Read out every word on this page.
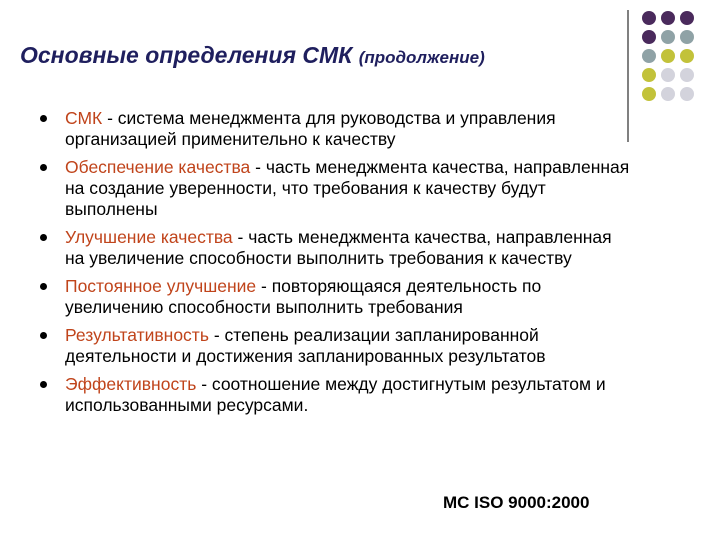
Основные определения СМК (продолжение)
СМК - система менеджмента для руководства и управления организацией применительно к качеству
Обеспечение качества - часть менеджмента качества, направленная на создание уверенности, что требования к качеству будут выполнены
Улучшение качества - часть менеджмента качества, направленная на увеличение способности выполнить требования к качеству
Постоянное улучшение - повторяющаяся деятельность по увеличению способности выполнить требования
Результативность - степень реализации запланированной деятельности и достижения запланированных результатов
Эффективность - соотношение между достигнутым результатом и использованными ресурсами.
МС ISO 9000:2000
